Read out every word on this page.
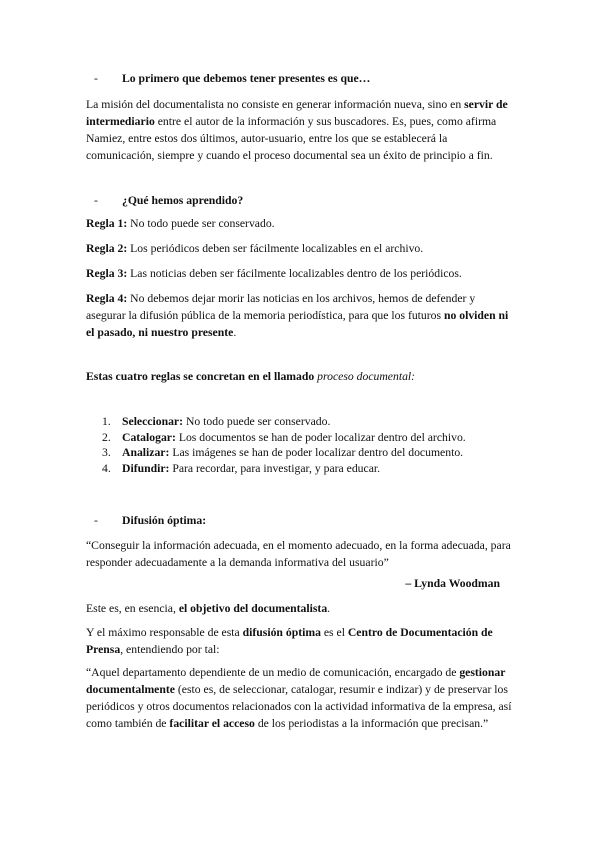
- Lo primero que debemos tener presentes es que…
La misión del documentalista no consiste en generar información nueva, sino en servir de intermediario entre el autor de la información y sus buscadores. Es, pues, como afirma Namiez, entre estos dos últimos, autor-usuario, entre los que se establecerá la comunicación, siempre y cuando el proceso documental sea un éxito de principio a fin.
- ¿Qué hemos aprendido?
Regla 1: No todo puede ser conservado.
Regla 2: Los periódicos deben ser fácilmente localizables en el archivo.
Regla 3: Las noticias deben ser fácilmente localizables dentro de los periódicos.
Regla 4: No debemos dejar morir las noticias en los archivos, hemos de defender y asegurar la difusión pública de la memoria periodística, para que los futuros no olviden ni el pasado, ni nuestro presente.
Estas cuatro reglas se concretan en el llamado proceso documental:
1. Seleccionar: No todo puede ser conservado.
2. Catalogar: Los documentos se han de poder localizar dentro del archivo.
3. Analizar: Las imágenes se han de poder localizar dentro del documento.
4. Difundir: Para recordar, para investigar, y para educar.
- Difusión óptima:
“Conseguir la información adecuada, en el momento adecuado, en la forma adecuada, para responder adecuadamente a la demanda informativa del usuario”
– Lynda Woodman
Este es, en esencia, el objetivo del documentalista.
Y el máximo responsable de esta difusión óptima es el Centro de Documentación de Prensa, entendiendo por tal:
“Aquel departamento dependiente de un medio de comunicación, encargado de gestionar documentalmente (esto es, de seleccionar, catalogar, resumir e indizar) y de preservar los periódicos y otros documentos relacionados con la actividad informativa de la empresa, así como también de facilitar el acceso de los periodistas a la información que precisan.”
